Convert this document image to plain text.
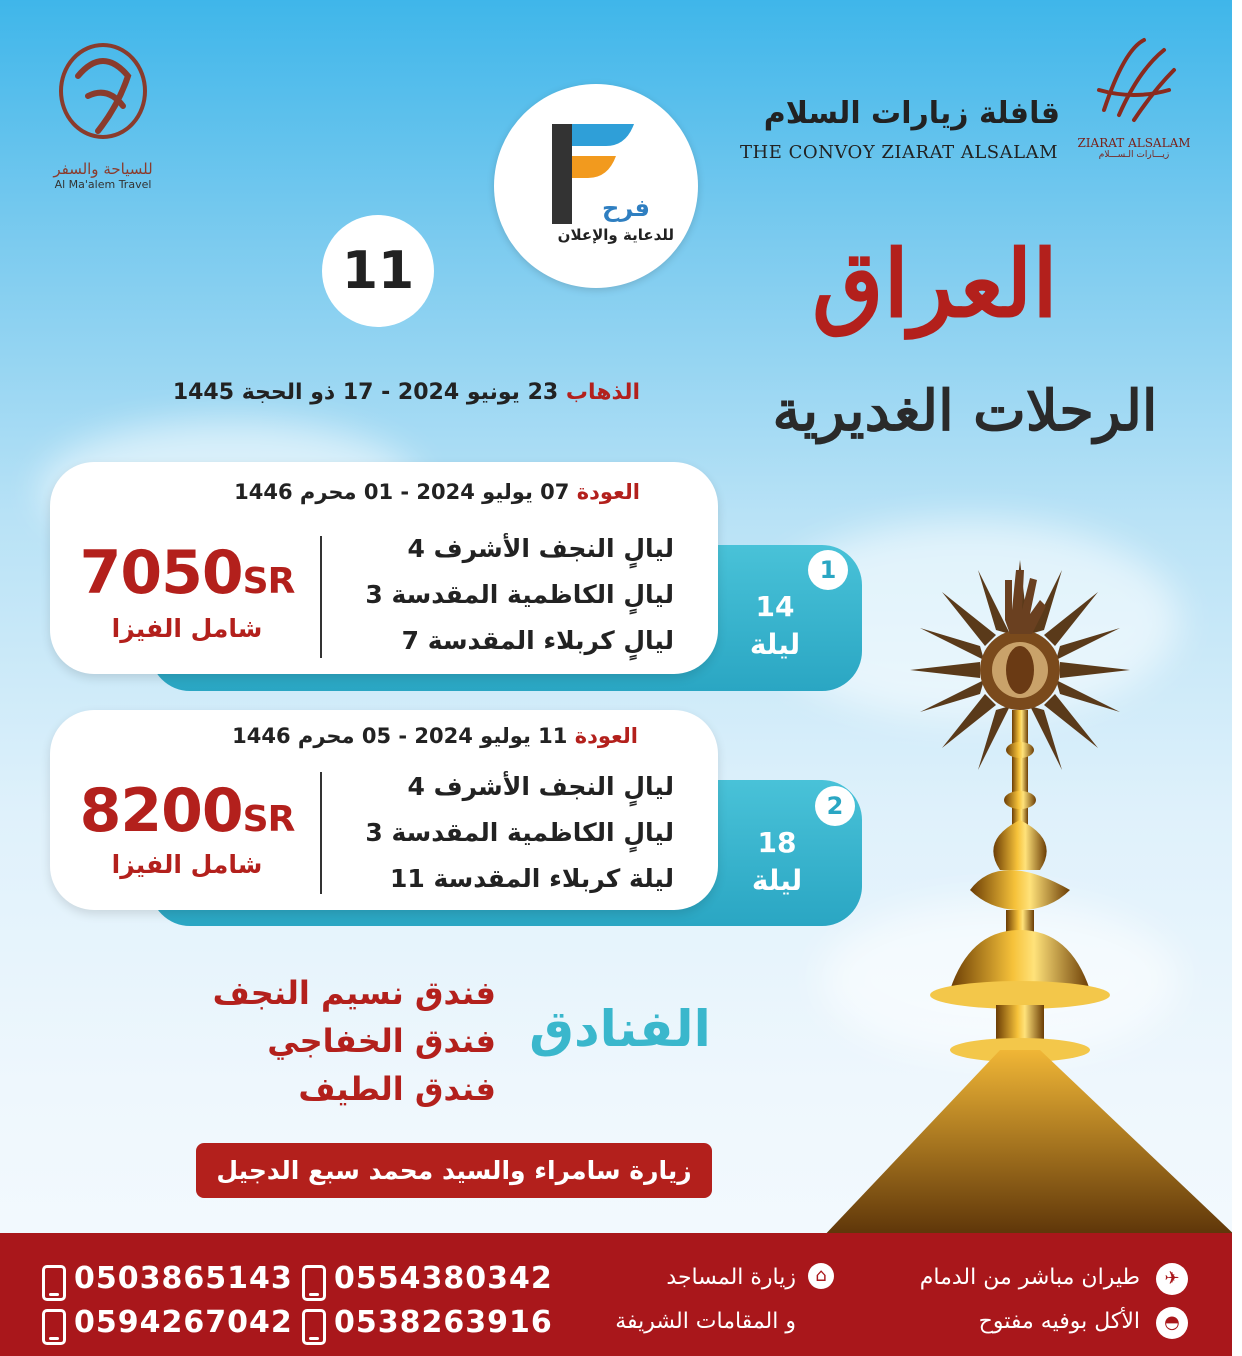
للسياحة والسفر
Al Ma'alem Travel
فرح
للدعاية والإعلان
11
قافلة زيارات السلام
THE CONVOY ZIARAT ALSALAM ZIARAT ALSALAM
زيـــارات الـســـلام
العراق
الرحلات الغديرية
الذهاب 23 يونيو 2024 - 17 ذو الحجة 1445
العودة 07 يوليو 2024 - 01 محرم 1446
4 ليالٍ النجف الأشرف
3 ليالٍ الكاظمية المقدسة
7 ليالٍ كربلاء المقدسة
7050SR
شامل الفيزا
1
14
ليلة
العودة 11 يوليو 2024 - 05 محرم 1446
4 ليالٍ النجف الأشرف
3 ليالٍ الكاظمية المقدسة
11 ليلة كربلاء المقدسة
8200SR
شامل الفيزا
2
18
ليلة
الفنادق
فندق نسيم النجف
فندق الخفاجي
فندق الطيف
زيارة سامراء والسيد محمد سبع الدجيل
0503865143 0554380342
0594267042 0538263916
طيران مباشر من الدمام	✈
الأكل بوفيه مفتوح	◓
زيارة المساجد	⌂
و المقامات الشريفة
